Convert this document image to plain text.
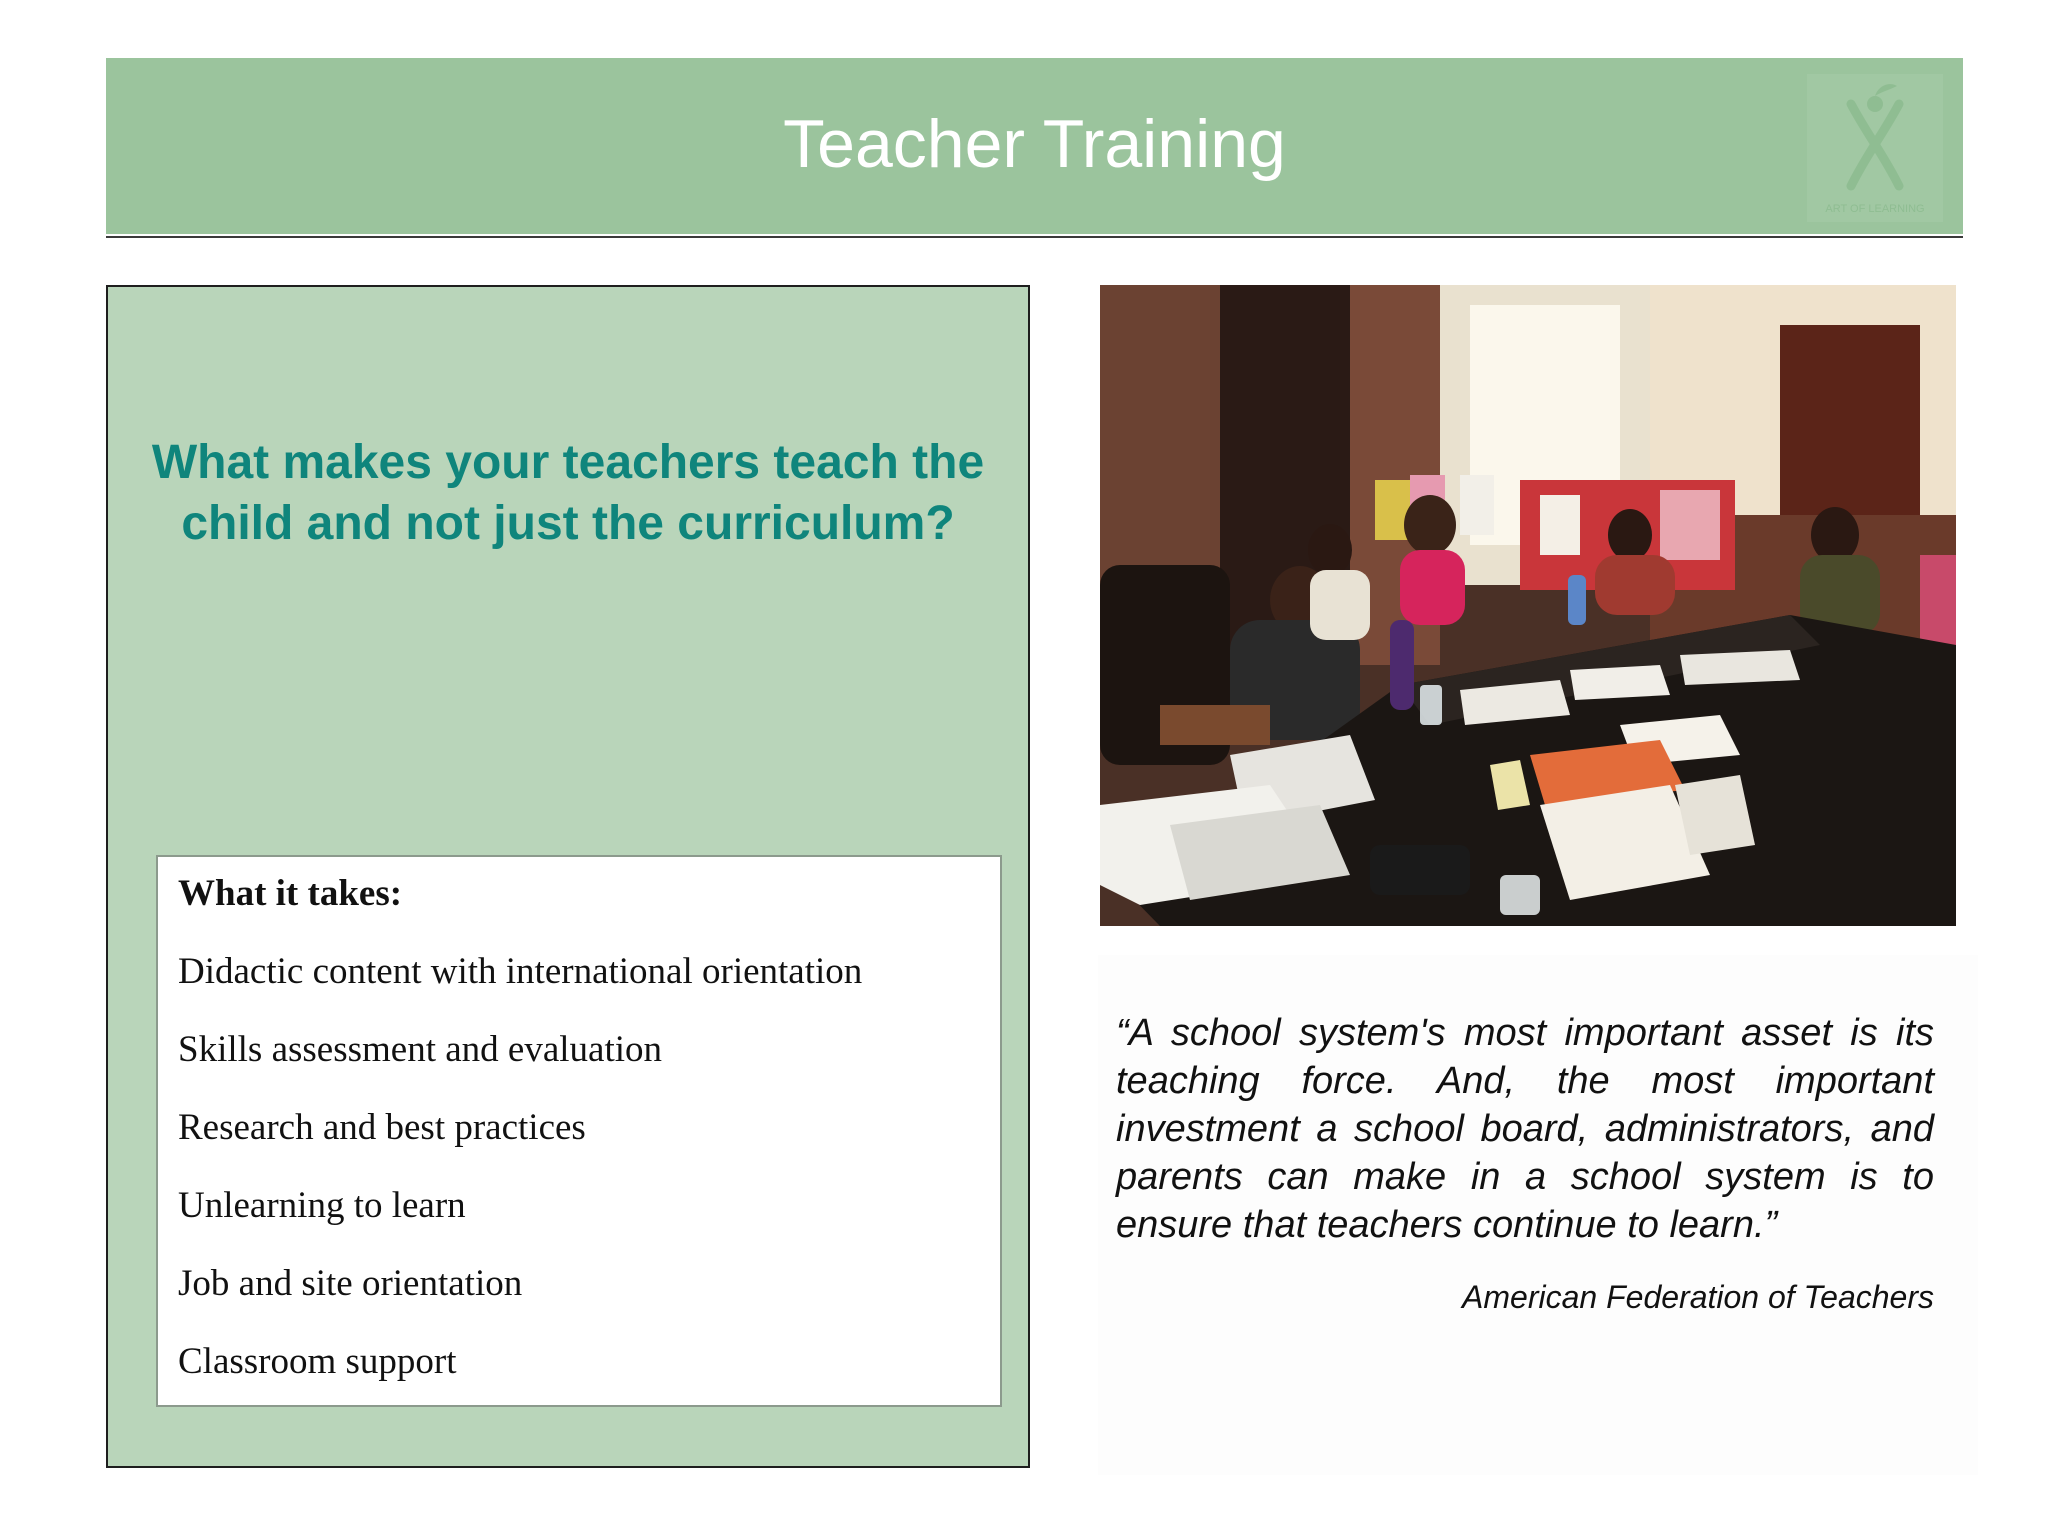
Teacher Training
ART OF LEARNING
What makes your teachers teach the child and not just the curriculum?
What it takes:
Didactic content with international orientation
Skills assessment and evaluation
Research and best practices
Unlearning to learn
Job and site orientation
Classroom support

“A school system's most important asset is its teaching force. And, the most important investment a school board, administrators, and parents can make in a school system is to ensure that teachers continue to learn.”

American Federation of Teachers
